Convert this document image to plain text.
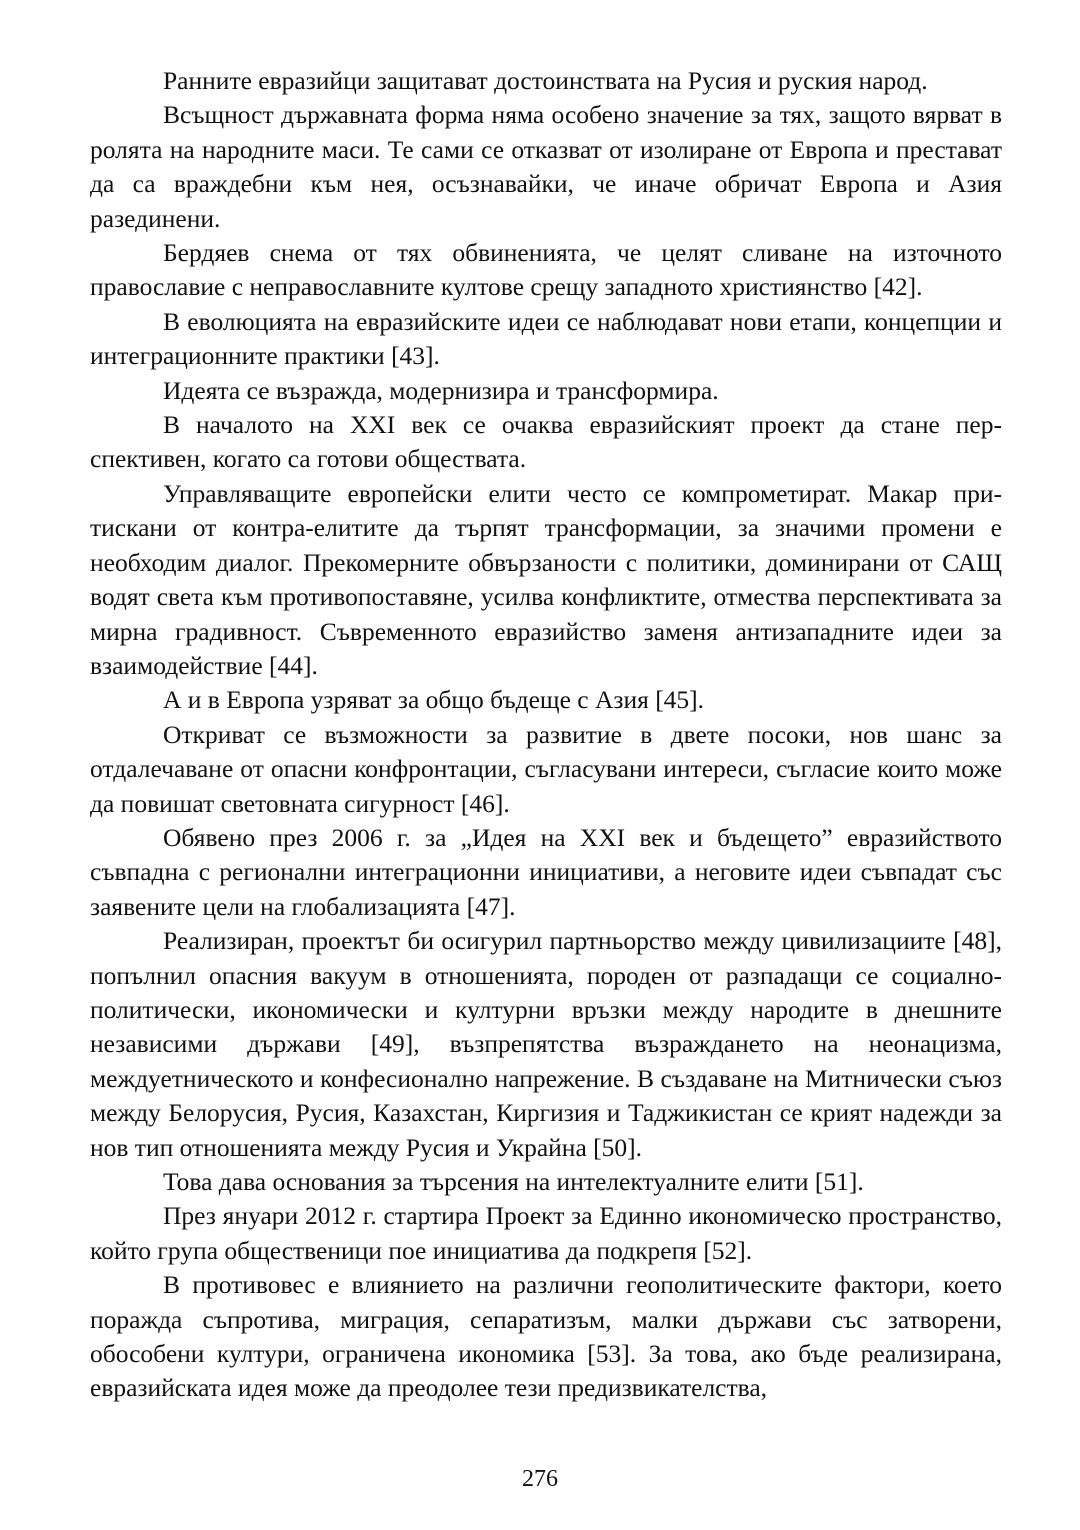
Ранните евразийци защитават достоинствата на Русия и руския народ.

Всъщност държавната форма няма особено значение за тях, защото вярват в ролята на народните маси. Те сами се отказват от изолиране от Европа и престават да са враждебни към нея, осъзнавайки, че иначе обричат Европа и Азия разединени.

Бердяев снема от тях обвиненията, че целят сливане на източното православие с неправославните култове срещу западното християнство [42].

В еволюцията на евразийските идеи се наблюдават нови етапи, концепции и интеграционните практики [43].

Идеята се възражда, модернизира и трансформира.

В началото на XXI век се очаква евразийският проект да стане перспективен, когато са готови обществата.

Управляващите европейски елити често се компрометират. Макар притискани от контра-елитите да търпят трансформации, за значими промени е необходим диалог. Прекомерните обвързаности с политики, доминирани от САЩ водят света към противопоставяне, усилва конфликтите, отмества перспективата за мирна градивност. Съвременното евразийство заменя антизападните идеи за взаимодействие [44].

А и в Европа узряват за общо бъдеще с Азия [45].

Откриват се възможности за развитие в двете посоки, нов шанс за отдалечаване от опасни конфронтации, съгласувани интереси, съгласие които може да повишат световната сигурност [46].

Обявено през 2006 г. за „Идея на XXI век и бъдещето” евразийството съвпадна с регионални интеграционни инициативи, а неговите идеи съвпадат със заявените цели на глобализацията [47].

Реализиран, проектът би осигурил партньорство между цивилизациите [48], попълнил опасния вакуум в отношенията, породен от разпадащи се социално-политически, икономически и културни връзки между народите в днешните независими държави [49], възпрепятства възраждането на неонацизма, междуетническото и конфесионално напрежение. В създаване на Митнически съюз между Белорусия, Русия, Казахстан, Киргизия и Таджикистан се крият надежди за нов тип отношенията между Русия и Украйна [50].

Това дава основания за търсения на интелектуалните елити [51].

През януари 2012 г. стартира Проект за Единно икономическо пространство, който група общественици пое инициатива да подкрепя [52].

В противовес е влиянието на различни геополитическите фактори, което поражда съпротива, миграция, сепаратизъм, малки държави със затворени, обособени култури, ограничена икономика [53]. За това, ако бъде реализирана, евразийската идея може да преодолее тези предизвикателства,

276
